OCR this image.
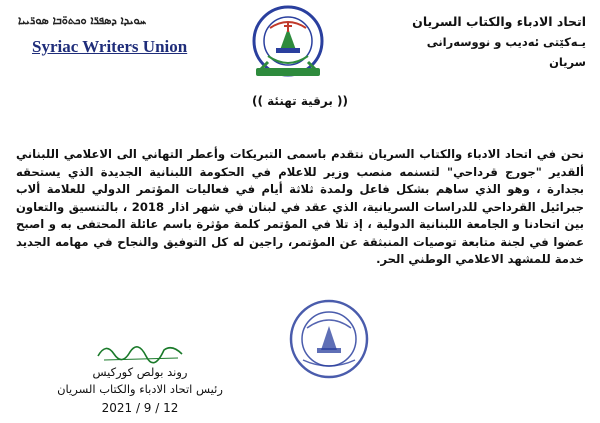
ܚܘܝܕܐ ܕܣܦܪ̈ܐ ܘܟܬܘ̈ܒܐ ܣܘܪ̈ܝܝܐ
Syriac Writers Union
اتحاد الادباء والكتاب السريان
يـەكێتى ئەديب و نووسەرانى سريان
(( برقية تهنئة ))
نحن في اتحاد الادباء والكتاب السريان نتقدم باسمى التبريكات وأعطر التهاني الى الاعلامي اللبناني ألقدير "جورج قرداحي" لتسنمه منصب وزير للاعلام في الحكومة اللبنانية الجديدة الذي يستحقه بجدارة ، وهو الذي ساهم بشكل فاعل ولمدة ثلاثة أيام في فعاليات المؤتمر الدولي للعلامة ألاب جبرائيل القرداحي للدراسات السريانية، الذي عقد في لبنان في شهر اذار 2018 ، بالتنسيق والتعاون بين اتحادنا و الجامعة اللبنانية الدولية ، إذ تلا في المؤتمر كلمة مؤثرة باسم عائلة المحتفى به و اصبح عضوا في لجنة متابعة توصيات المنبثقة عن المؤتمر، راجين له كل التوفيق والنجاح في مهامه الجديد خدمة للمشهد الاعلامي الوطني الحر.
روند بولص كوركيس
رئيس اتحاد الادباء والكتاب السريان
2021 / 9 / 12
